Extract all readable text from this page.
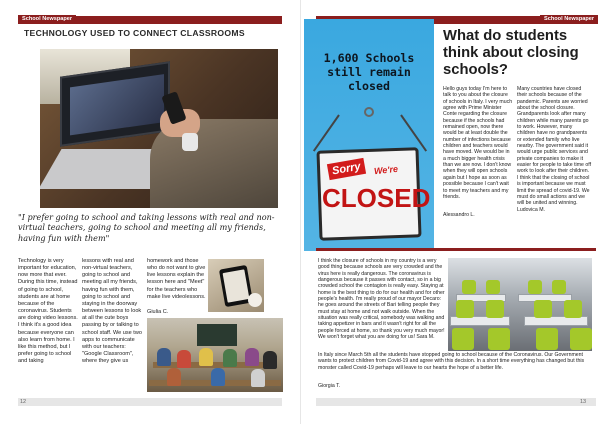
School Newspaper
TECHNOLOGY USED TO CONNECT CLASSROOMS
"I prefer going to school and taking lessons with real and non-virtual teachers, going to school and meeting all my friends, having fun with them"
Technology is very important for education, now more that ever. During this time, instead of going to school, students are at home because of the coronavirus. Students are doing video lessons. I think it's a good idea because everyone can also learn from home. I like this method, but I prefer going to school and taking
lessons with real and non-virtual teachers, going to school and meeting all my friends, having fun with them, going to school and staying in the doorway between lessons to look at all the cute boys passing by or talking to school staff. We use two apps to communicate with our teachers: "Google Classroom", where they give us

homework and those who do not want to give live lessons explain the lesson here and "Meet" for the teachers who make live videolessons.

Giulia C.

12
School Newspaper
1,600 Schools still remain closed
Sorry	We're
CLOSED
What do students think about closing schools?
Hello guys today I'm here to talk to you about the closure of schools in Italy. I very much agree with Prime Minister Conte regarding the closure because if the schools had remained open, now there would be at least double the number of infections because children and teachers would have moved. We would be in a much bigger health crisis than we are now. I don't know when they will open schools again but I hope as soon as possible because I can't wait to meet my teachers and my friends.
Many countries have closed their schools because of the pandemic. Parents are worried about the school closure. Grandparents look after many children while many parents go to work. However, many children have no grandparents or extended family who live nearby. The government said it would urge public services and private companies to make it easier for people to take time off work to look after their children. I think that the closing of school is important because we must limit the spread of covid-19. We must do small actions and we will be united and winning. Ludovica M.
Alessandro L.
I think the closure of schools in my country is a very good thing because schools are very crowded and the virus here is really dangerous. The coronavirus is dangerous because it passes with contact, so in a big crowded school the contagion is really easy. Staying at home is the best thing to do for our health and for other people's health. I'm really proud of our mayor Decaro: he goes around the streets of Bari telling people they must stay at home and not walk outside. When the situation was really critical, somebody was walking and taking appetizer in bars and it wasn't right for all the people forced at home, so thank you very much mayor! We won't forget what you are doing for us! Sara M.
In Italy since March 5th all the students have stopped going to school because of the Coronavirus. Our Government wants to protect children from Covid-19 and agree with this decision. In a short time everything has changed but this monster called Covid-19 perhaps will leave to our hearts the hope of a better life.
Giorgia T.
13
